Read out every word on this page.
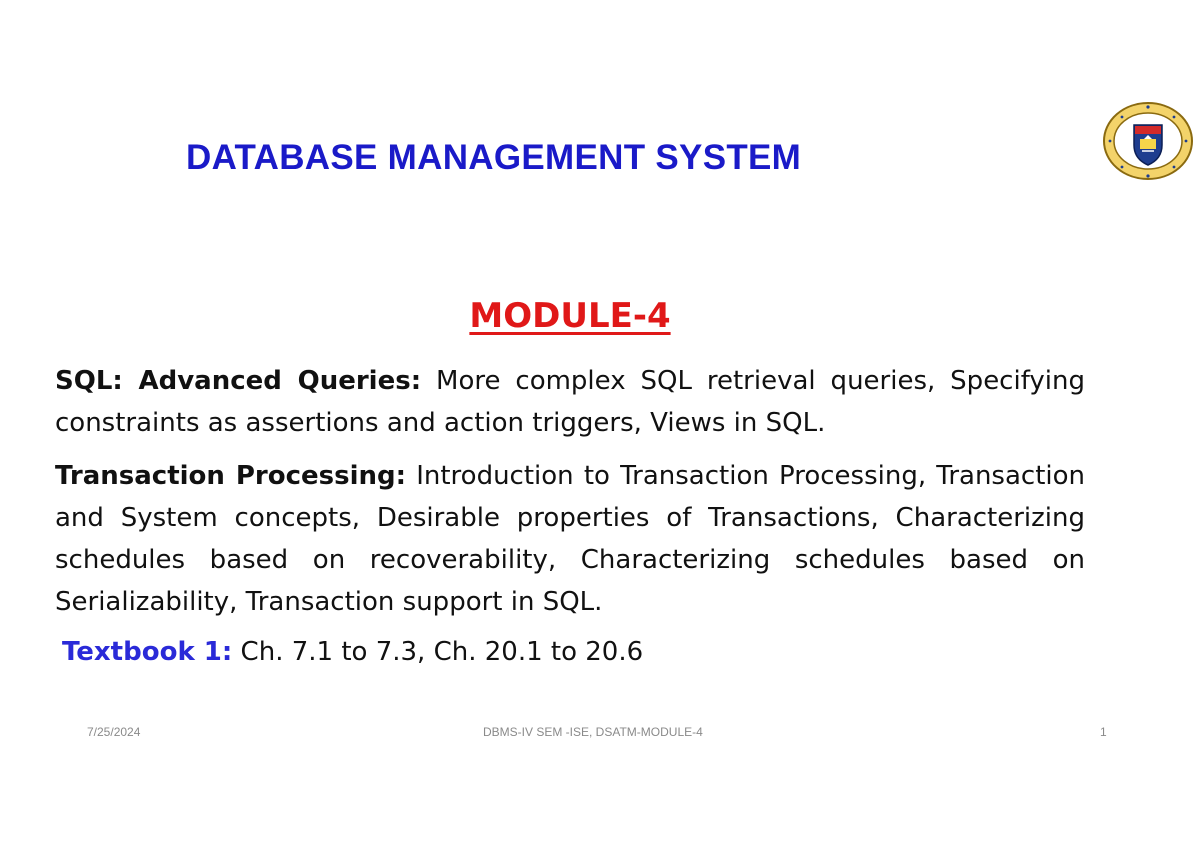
DATABASE MANAGEMENT SYSTEM
MODULE-4

SQL: Advanced Queries: More complex SQL retrieval queries, Specifying constraints as assertions and action triggers, Views in SQL.

Transaction Processing: Introduction to Transaction Processing, Transaction and System concepts, Desirable properties of Transactions, Characterizing schedules based on recoverability, Characterizing schedules based on Serializability, Transaction support in SQL.

Textbook 1: Ch. 7.1 to 7.3, Ch. 20.1 to 20.6
7/25/2024	DBMS-IV SEM -ISE, DSATM-MODULE-4	1
